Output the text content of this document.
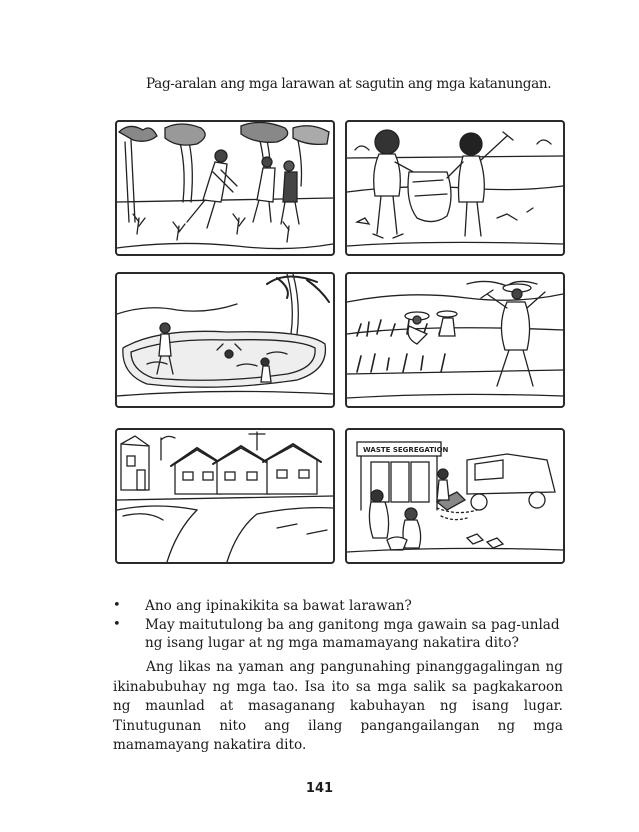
Pag-aralan ang mga larawan at sagutin ang mga katanungan.
WASTE SEGREGATION
• Ano ang ipinakikita sa bawat larawan?
• May maitutulong ba ang ganitong mga gawain sa pag-unlad ng isang lugar at ng mga mamamayang nakatira dito?

Ang likas na yaman ang pangunahing pinanggagalingan ng ikinabubuhay ng mga tao. Isa ito sa mga salik sa pagkakaroon ng maunlad at masaganang kabuhayan ng isang lugar. Tinutugunan nito ang ilang pangangailangan ng mga mamamayang nakatira dito.

141
